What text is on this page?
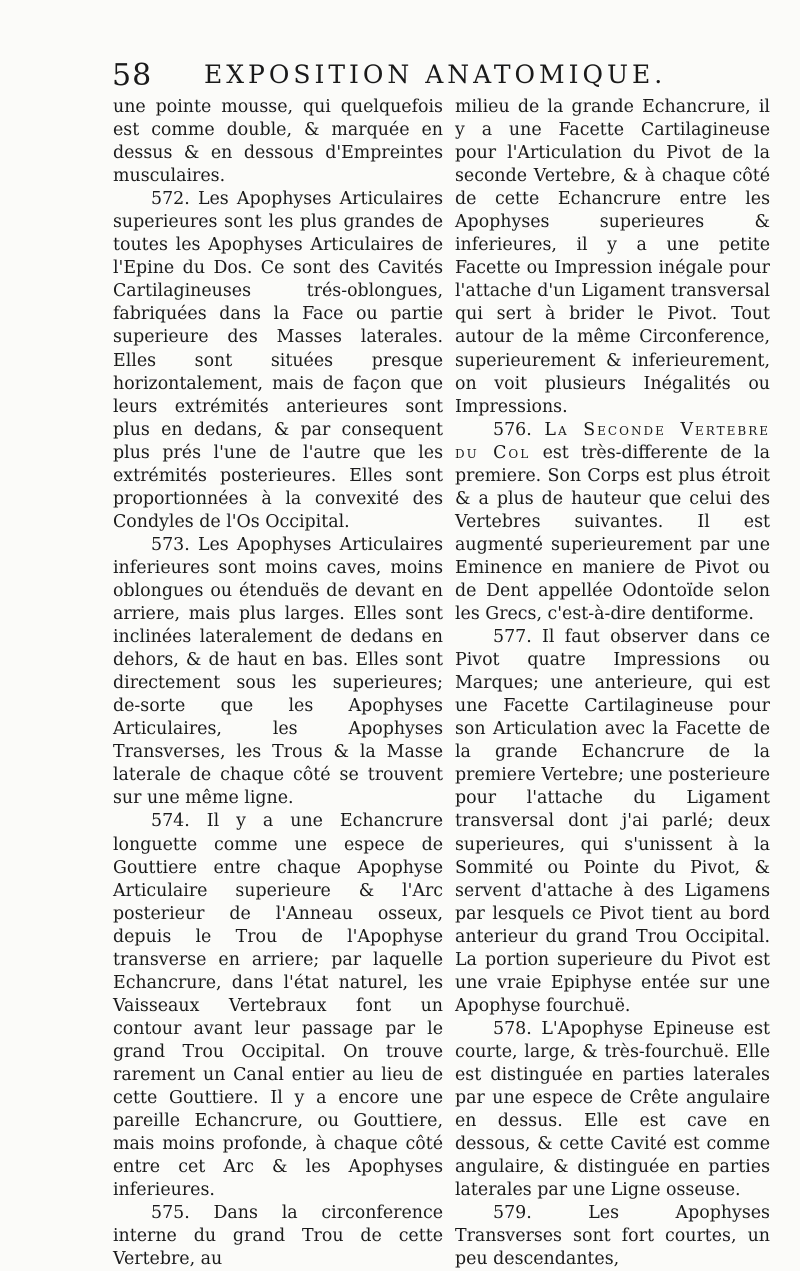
58 EXPOSITION ANATOMIQUE.

une pointe mousse, qui quelquefois est comme double, & marquée en dessus & en dessous d'Empreintes musculaires.

572. Les Apophyses Articulaires superieures sont les plus grandes de toutes les Apophyses Articulaires de l'Epine du Dos. Ce sont des Cavités Cartilagineuses trés-oblongues, fabriquées dans la Face ou partie superieure des Masses laterales. Elles sont situées presque horizontalement, mais de façon que leurs extrémités anterieures sont plus en dedans, & par consequent plus prés l'une de l'autre que les extrémités posterieures. Elles sont proportionnées à la convexité des Condyles de l'Os Occipital.

573. Les Apophyses Articulaires inferieures sont moins caves, moins oblongues ou étenduës de devant en arriere, mais plus larges. Elles sont inclinées lateralement de dedans en dehors, & de haut en bas. Elles sont directement sous les superieures; de-sorte que les Apophyses Articulaires, les Apophyses Transverses, les Trous & la Masse laterale de chaque côté se trouvent sur une même ligne.

574. Il y a une Echancrure longuette comme une espece de Gouttiere entre chaque Apophyse Articulaire superieure & l'Arc posterieur de l'Anneau osseux, depuis le Trou de l'Apophyse transverse en arriere; par laquelle Echancrure, dans l'état naturel, les Vaisseaux Vertebraux font un contour avant leur passage par le grand Trou Occipital. On trouve rarement un Canal entier au lieu de cette Gouttiere. Il y a encore une pareille Echancrure, ou Gouttiere, mais moins profonde, à chaque côté entre cet Arc & les Apophyses inferieures.

575. Dans la circonference interne du grand Trou de cette Vertebre, au

milieu de la grande Echancrure, il y a une Facette Cartilagineuse pour l'Articulation du Pivot de la seconde Vertebre, & à chaque côté de cette Echancrure entre les Apophyses superieures & inferieures, il y a une petite Facette ou Impression inégale pour l'attache d'un Ligament transversal qui sert à brider le Pivot. Tout autour de la même Circonference, superieurement & inferieurement, on voit plusieurs Inégalités ou Impressions.

576. La Seconde Vertebre du Col est très-differente de la premiere. Son Corps est plus étroit & a plus de hauteur que celui des Vertebres suivantes. Il est augmenté superieurement par une Eminence en maniere de Pivot ou de Dent appellée Odontoïde selon les Grecs, c'est-à-dire dentiforme.

577. Il faut observer dans ce Pivot quatre Impressions ou Marques; une anterieure, qui est une Facette Cartilagineuse pour son Articulation avec la Facette de la grande Echancrure de la premiere Vertebre; une posterieure pour l'attache du Ligament transversal dont j'ai parlé; deux superieures, qui s'unissent à la Sommité ou Pointe du Pivot, & servent d'attache à des Ligamens par lesquels ce Pivot tient au bord anterieur du grand Trou Occipital. La portion superieure du Pivot est une vraie Epiphyse entée sur une Apophyse fourchuë.

578. L'Apophyse Epineuse est courte, large, & très-fourchuë. Elle est distinguée en parties laterales par une espece de Crête angulaire en dessus. Elle est cave en dessous, & cette Cavité est comme angulaire, & distinguée en parties laterales par une Ligne osseuse.

579. Les Apophyses Transverses sont fort courtes, un peu descendantes,
